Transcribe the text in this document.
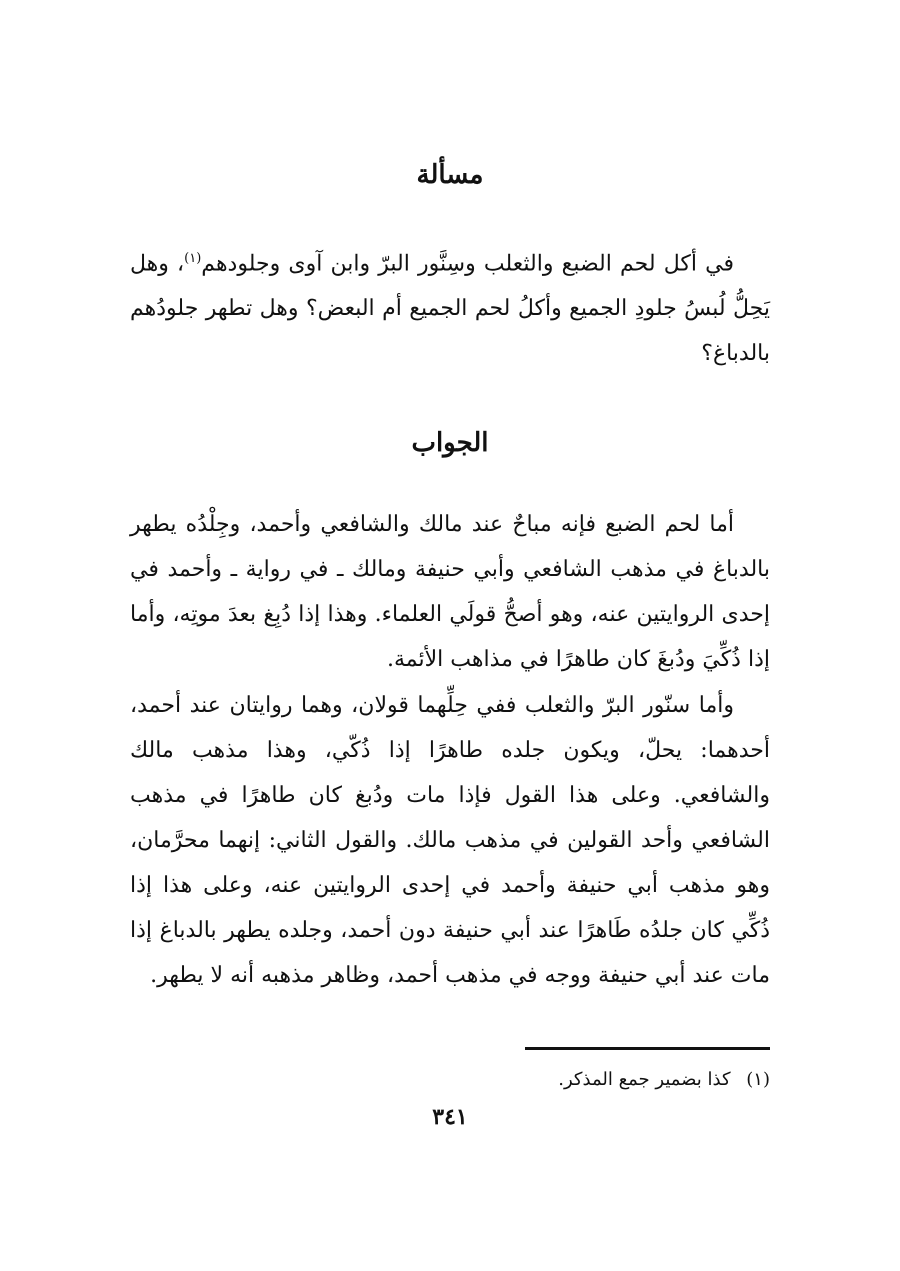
مسألة
في أكل لحم الضبع والثعلب وسِنَّور البرّ وابن آوى وجلودهم$^{(١)}$، وهل يَحِلُّ لُبسُ جلودِ الجميع وأكلُ لحم الجميع أم البعض؟ وهل تطهر جلودُهم بالدباغ؟
الجواب
أما لحم الضبع فإنه مباحٌ عند مالك والشافعي وأحمد، وجِلْدُه يطهر بالدباغ في مذهب الشافعي وأبي حنيفة ومالك ـ في رواية ـ وأحمد في إحدى الروايتين عنه، وهو أصحُّ قولَي العلماء. وهذا إذا دُبِغ بعدَ موتِه، وأما إذا ذُكِّيَ ودُبغَ كان طاهرًا في مذاهب الأئمة.
وأما سنّور البرّ والثعلب ففي حِلِّهما قولان، وهما روايتان عند أحمد، أحدهما: يحلّ، ويكون جلده طاهرًا إذا ذُكّي، وهذا مذهب مالك والشافعي. وعلى هذا القول فإذا مات ودُبغ كان طاهرًا في مذهب الشافعي وأحد القولين في مذهب مالك. والقول الثاني: إنهما محرَّمان، وهو مذهب أبي حنيفة وأحمد في إحدى الروايتين عنه، وعلى هذا إذا ذُكِّي كان جلدُه طَاهرًا عند أبي حنيفة دون أحمد، وجلده يطهر بالدباغ إذا مات عند أبي حنيفة ووجه في مذهب أحمد، وظاهر مذهبه أنه لا يطهر.
(١) كذا بضمير جمع المذكر.
٣٤١
